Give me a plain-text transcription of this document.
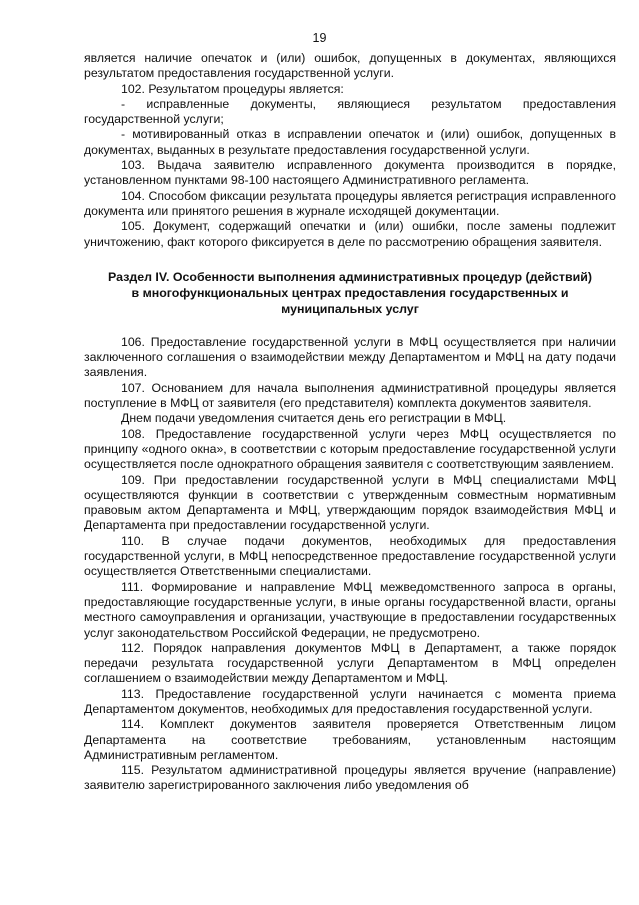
19

является наличие опечаток и (или) ошибок, допущенных в документах, являющихся результатом предоставления государственной услуги.

102. Результатом процедуры является:

- исправленные документы, являющиеся результатом предоставления государственной услуги;

- мотивированный отказ в исправлении опечаток и (или) ошибок, допущенных в документах, выданных в результате предоставления государственной услуги.

103. Выдача заявителю исправленного документа производится в порядке, установленном пунктами 98-100 настоящего Административного регламента.

104. Способом фиксации результата процедуры является регистрация исправленного документа или принятого решения в журнале исходящей документации.

105. Документ, содержащий опечатки и (или) ошибки, после замены подлежит уничтожению, факт которого фиксируется в деле по рассмотрению обращения заявителя.

Раздел IV. Особенности выполнения административных процедур (действий) в многофункциональных центрах предоставления государственных и муниципальных услуг

106. Предоставление государственной услуги в МФЦ осуществляется при наличии заключенного соглашения о взаимодействии между Департаментом и МФЦ на дату подачи заявления.

107. Основанием для начала выполнения административной процедуры является поступление в МФЦ от заявителя (его представителя) комплекта документов заявителя.

Днем подачи уведомления считается день его регистрации в МФЦ.

108. Предоставление государственной услуги через МФЦ осуществляется по принципу «одного окна», в соответствии с которым предоставление государственной услуги осуществляется после однократного обращения заявителя с соответствующим заявлением.

109. При предоставлении государственной услуги в МФЦ специалистами МФЦ осуществляются функции в соответствии с утвержденным совместным нормативным правовым актом Департамента и МФЦ, утверждающим порядок взаимодействия МФЦ и Департамента при предоставлении государственной услуги.

110. В случае подачи документов, необходимых для предоставления государственной услуги, в МФЦ непосредственное предоставление государственной услуги осуществляется Ответственными специалистами.

111. Формирование и направление МФЦ межведомственного запроса в органы, предоставляющие государственные услуги, в иные органы государственной власти, органы местного самоуправления и организации, участвующие в предоставлении государственных услуг законодательством Российской Федерации, не предусмотрено.

112. Порядок направления документов МФЦ в Департамент, а также порядок передачи результата государственной услуги Департаментом в МФЦ определен соглашением о взаимодействии между Департаментом и МФЦ.

113. Предоставление государственной услуги начинается с момента приема Департаментом документов, необходимых для предоставления государственной услуги.

114. Комплект документов заявителя проверяется Ответственным лицом Департамента на соответствие требованиям, установленным настоящим Административным регламентом.

115. Результатом административной процедуры является вручение (направление) заявителю зарегистрированного заключения либо уведомления об
